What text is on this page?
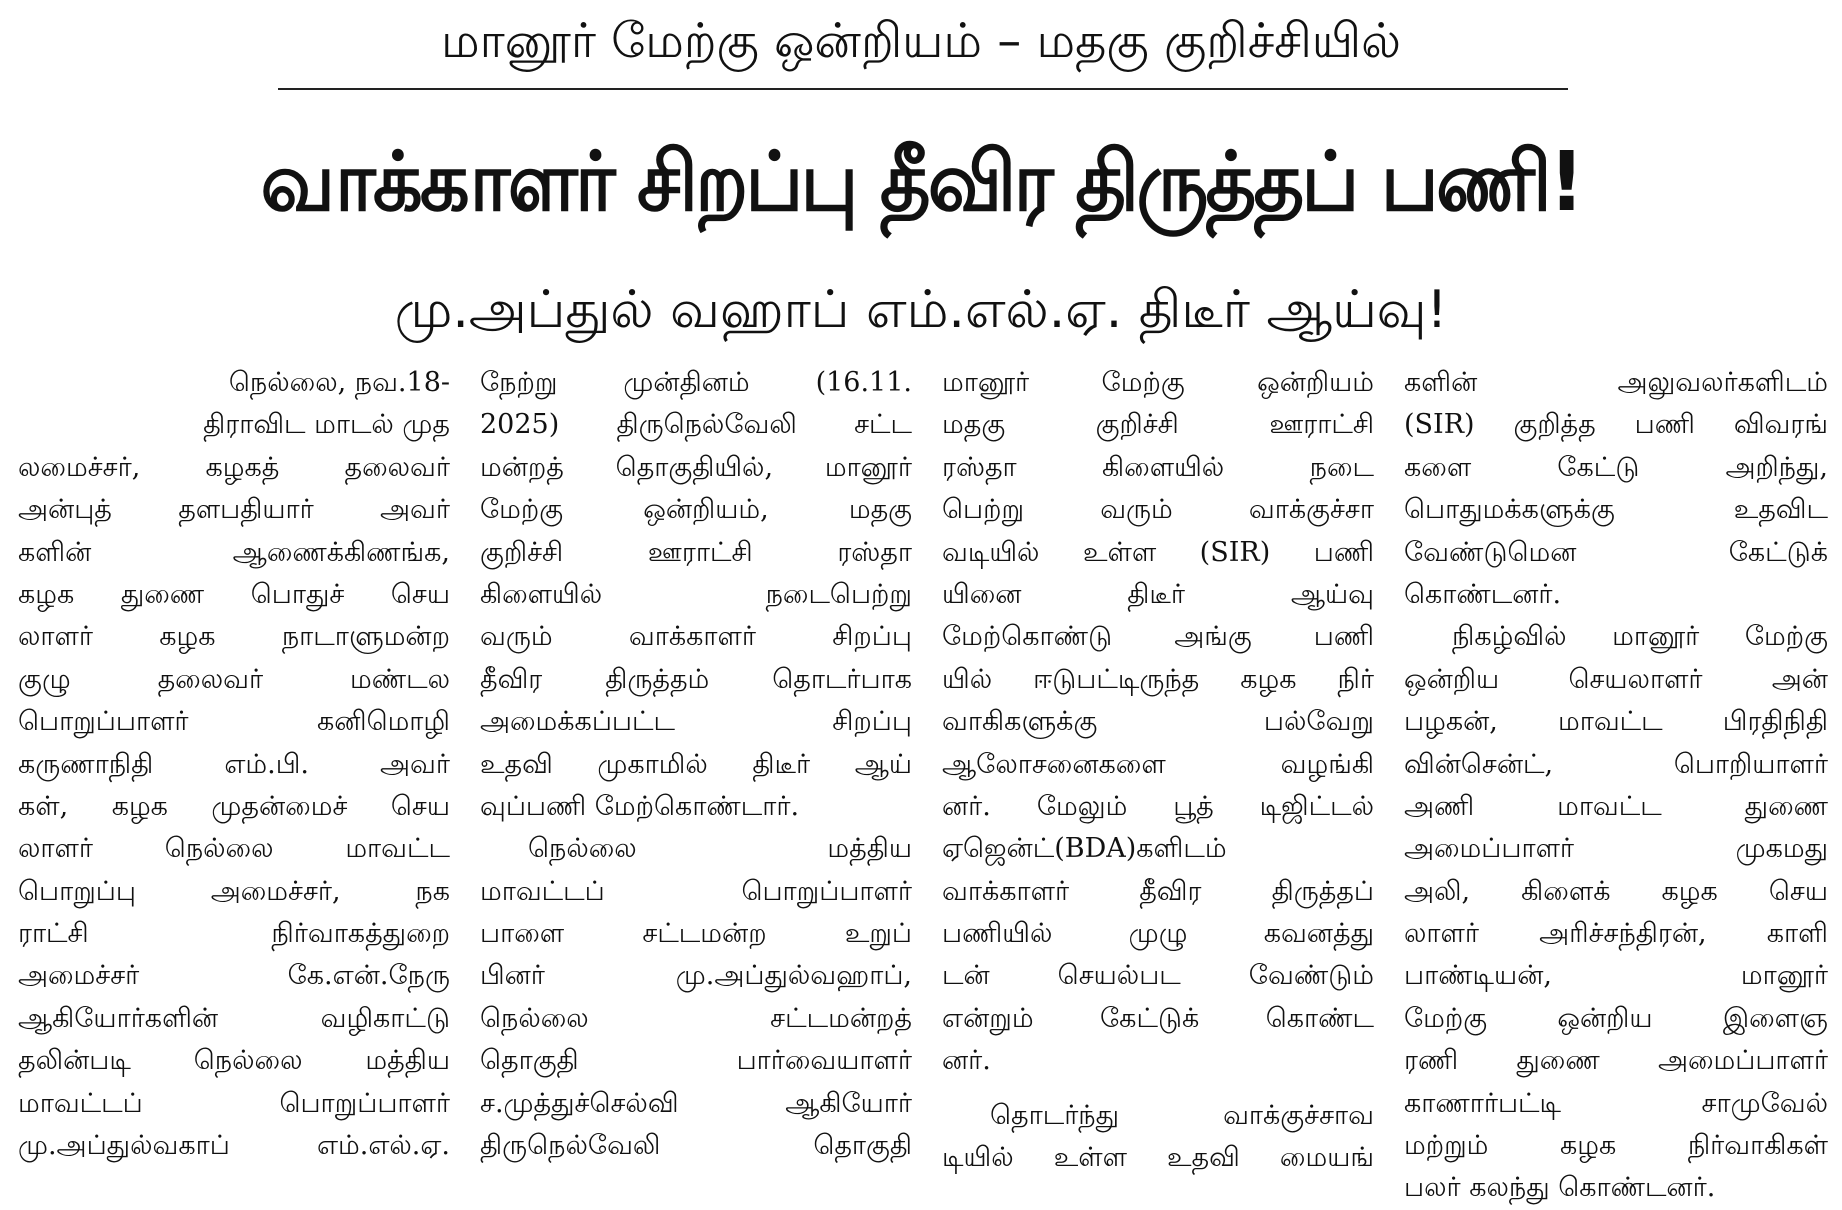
மானூர் மேற்கு ஒன்றியம் – மதகு குறிச்சியில்
வாக்காளர் சிறப்பு தீவிர திருத்தப் பணி!
மு.அப்துல் வஹாப் எம்.எல்.ஏ. திடீர் ஆய்வு!
நெல்லை, நவ.18-
திராவிட மாடல் முத
லமைச்சர், கழகத் தலைவர்
அன்புத் தளபதியார் அவர்
களின் ஆணைக்கிணங்க,
கழக துணை பொதுச் செய
லாளர் கழக நாடாளுமன்ற
குழு தலைவர் மண்டல
பொறுப்பாளர் கனிமொழி
கருணாநிதி எம்.பி. அவர்
கள், கழக முதன்மைச் செய
லாளர் நெல்லை மாவட்ட
பொறுப்பு அமைச்சர், நக
ராட்சி நிர்வாகத்துறை
அமைச்சர் கே.என்.நேரு
ஆகியோர்களின் வழிகாட்டு
தலின்படி நெல்லை மத்திய
மாவட்டப் பொறுப்பாளர்
மு.அப்துல்வகாப் எம்.எல்.ஏ.
நேற்று முன்தினம் (16.11.
2025) திருநெல்வேலி சட்ட
மன்றத் தொகுதியில், மானூர்
மேற்கு ஒன்றியம், மதகு
குறிச்சி ஊராட்சி ரஸ்தா
கிளையில் நடைபெற்று
வரும் வாக்காளர் சிறப்பு
தீவிர திருத்தம் தொடர்பாக
அமைக்கப்பட்ட சிறப்பு
உதவி முகாமில் திடீர் ஆய்
வுப்பணி மேற்கொண்டார்.
நெல்லை மத்திய
மாவட்டப் பொறுப்பாளர்
பாளை சட்டமன்ற உறுப்
பினர் மு.அப்துல்வஹாப்,
நெல்லை சட்டமன்றத்
தொகுதி பார்வையாளர்
ச.முத்துச்செல்வி ஆகியோர்
திருநெல்வேலி தொகுதி
மானூர் மேற்கு ஒன்றியம்
மதகு குறிச்சி ஊராட்சி
ரஸ்தா கிளையில் நடை
பெற்று வரும் வாக்குச்சா
வடியில் உள்ள (SIR) பணி
யினை திடீர் ஆய்வு
மேற்கொண்டு அங்கு பணி
யில் ஈடுபட்டிருந்த கழக நிர்
வாகிகளுக்கு பல்வேறு
ஆலோசனைகளை வழங்கி
னர். மேலும் பூத் டிஜிட்டல்
ஏஜென்ட்(BDA)களிடம்
வாக்காளர் தீவிர திருத்தப்
பணியில் முழு கவனத்து
டன் செயல்பட வேண்டும்
என்றும் கேட்டுக் கொண்ட
னர்.
தொடர்ந்து வாக்குச்சாவ
டியில் உள்ள உதவி மையங்
களின் அலுவலர்களிடம்
(SIR) குறித்த பணி விவரங்
களை கேட்டு அறிந்து,
பொதுமக்களுக்கு உதவிட
வேண்டுமென கேட்டுக்
கொண்டனர்.
நிகழ்வில் மானூர் மேற்கு
ஒன்றிய செயலாளர் அன்
பழகன், மாவட்ட பிரதிநிதி
வின்சென்ட், பொறியாளர்
அணி மாவட்ட துணை
அமைப்பாளர் முகமது
அலி, கிளைக் கழக செய
லாளர் அரிச்சந்திரன், காளி
பாண்டியன், மானூர்
மேற்கு ஒன்றிய இளைஞ
ரணி துணை அமைப்பாளர்
காணார்பட்டி சாமுவேல்
மற்றும் கழக நிர்வாகிகள்
பலர் கலந்து கொண்டனர்.
